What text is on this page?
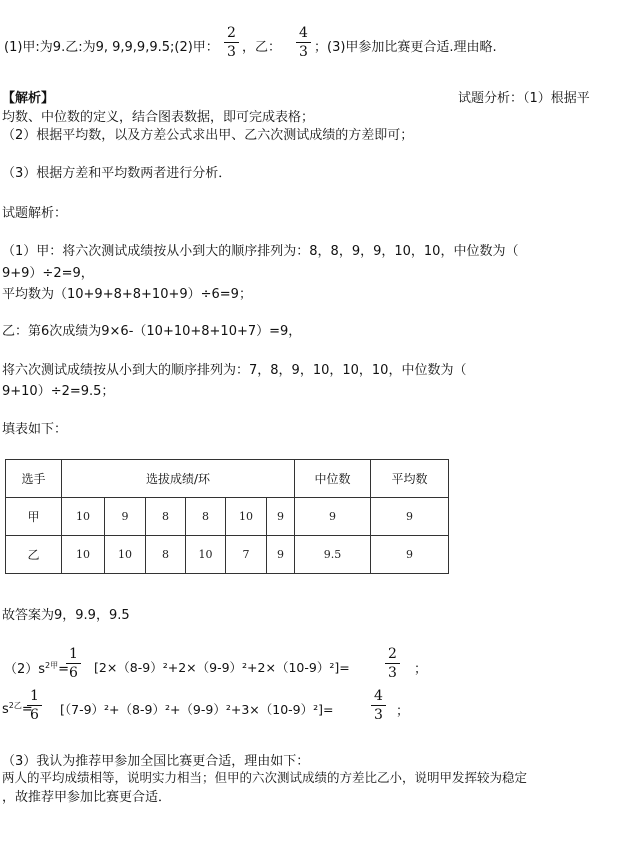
(1)甲:为9.乙:为9, 9,9,9,9.5;(2)甲：
2
3 ，乙：
4
3 ；(3)甲参加比赛更合适.理由略.
【解析】	试题分析：（1）根据平
均数、中位数的定义，结合图表数据，即可完成表格；
（2）根据平均数，以及方差公式求出甲、乙六次测试成绩的方差即可；
（3）根据方差和平均数两者进行分析．
试题解析：
（1）甲：将六次测试成绩按从小到大的顺序排列为：8，8，9，9，10，10，中位数为（
9+9）÷2=9，
平均数为（10+9+8+8+10+9）÷6=9；
乙：第6次成绩为9×6-（10+10+8+10+7）=9，
将六次测试成绩按从小到大的顺序排列为：7，8，9，10，10，10，中位数为（
9+10）÷2=9.5；
填表如下：
选手	选拔成绩/环						中位数	平均数
甲	10	9	8	8	10	9	9	9
乙	10	10	8	10	7	9	9.5	9
故答案为9，9.9，9.5
$(2)s^{2甲}=$
1
6 [2×（8-9）²+2×（9-9）²+2×（10-9）²]=
2
3 ；
$s^{2乙}=$
1
6 [（7-9）²+（8-9）²+（9-9）²+3×（10-9）²]=
4
3 ；
（3）我认为推荐甲参加全国比赛更合适，理由如下：
两人的平均成绩相等，说明实力相当；但甲的六次测试成绩的方差比乙小，说明甲发挥较为稳定
，故推荐甲参加比赛更合适．
